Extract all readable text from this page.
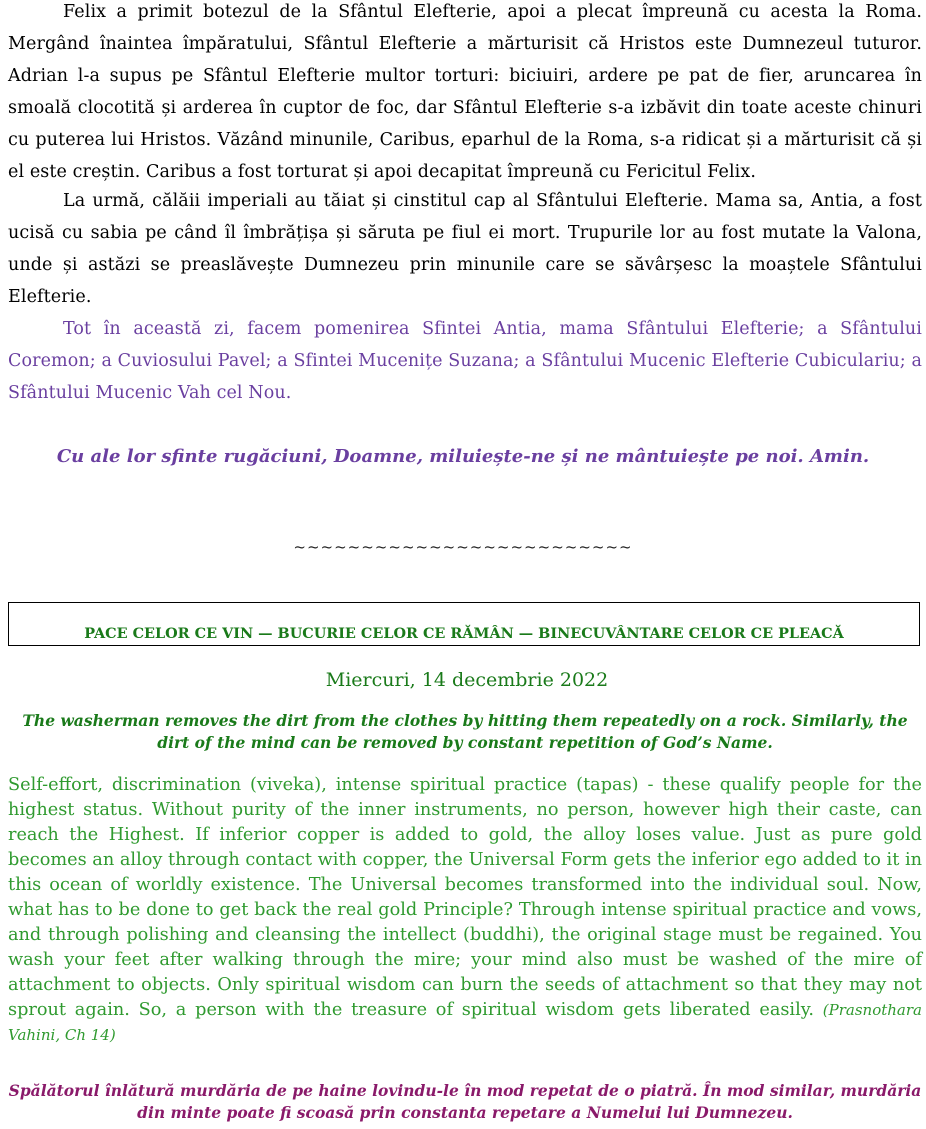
Felix a primit botezul de la Sfântul Elefterie, apoi a plecat împreună cu acesta la Roma. Mergând înaintea împăratului, Sfântul Elefterie a mărturisit că Hristos este Dumnezeul tuturor. Adrian l-a supus pe Sfântul Elefterie multor torturi: biciuiri, ardere pe pat de fier, aruncarea în smoală clocotită și arderea în cuptor de foc, dar Sfântul Elefterie s-a izbăvit din toate aceste chinuri cu puterea lui Hristos. Văzând minunile, Caribus, eparhul de la Roma, s-a ridicat și a mărturisit că și el este creștin. Caribus a fost torturat și apoi decapitat împreună cu Fericitul Felix.

La urmă, călăii imperiali au tăiat și cinstitul cap al Sfântului Elefterie. Mama sa, Antia, a fost ucisă cu sabia pe când îl îmbrățișa și săruta pe fiul ei mort. Trupurile lor au fost mutate la Valona, unde și astăzi se preaslăvește Dumnezeu prin minunile care se săvârșesc la moaștele Sfântului Elefterie.

Tot în această zi, facem pomenirea Sfintei Antia, mama Sfântului Elefterie; a Sfântului Coremon; a Cuviosului Pavel; a Sfintei Mucenițe Suzana; a Sfântului Mucenic Elefterie Cubiculariu; a Sfântului Mucenic Vah cel Nou.

Cu ale lor sfinte rugăciuni, Doamne, miluiește-ne și ne mântuiește pe noi. Amin.

~~~~~~~~~~~~~~~~~~~~~~~~~
PACE CELOR CE VIN — BUCURIE CELOR CE RĂMÂN — BINECUVÂNTARE CELOR CE PLEACĂ
Miercuri, 14 decembrie 2022

The washerman removes the dirt from the clothes by hitting them repeatedly on a rock. Similarly, the dirt of the mind can be removed by constant repetition of God’s Name.

Self-effort, discrimination (viveka), intense spiritual practice (tapas) - these qualify people for the highest status. Without purity of the inner instruments, no person, however high their caste, can reach the Highest. If inferior copper is added to gold, the alloy loses value. Just as pure gold becomes an alloy through contact with copper, the Universal Form gets the inferior ego added to it in this ocean of worldly existence. The Universal becomes transformed into the individual soul. Now, what has to be done to get back the real gold Principle? Through intense spiritual practice and vows, and through polishing and cleansing the intellect (buddhi), the original stage must be regained. You wash your feet after walking through the mire; your mind also must be washed of the mire of attachment to objects. Only spiritual wisdom can burn the seeds of attachment so that they may not sprout again. So, a person with the treasure of spiritual wisdom gets liberated easily. (Prasnothara Vahini, Ch 14)

Spălătorul înlătură murdăria de pe haine lovindu-le în mod repetat de o piatră. În mod similar, murdăria din minte poate fi scoasă prin constanta repetare a Numelui lui Dumnezeu.
